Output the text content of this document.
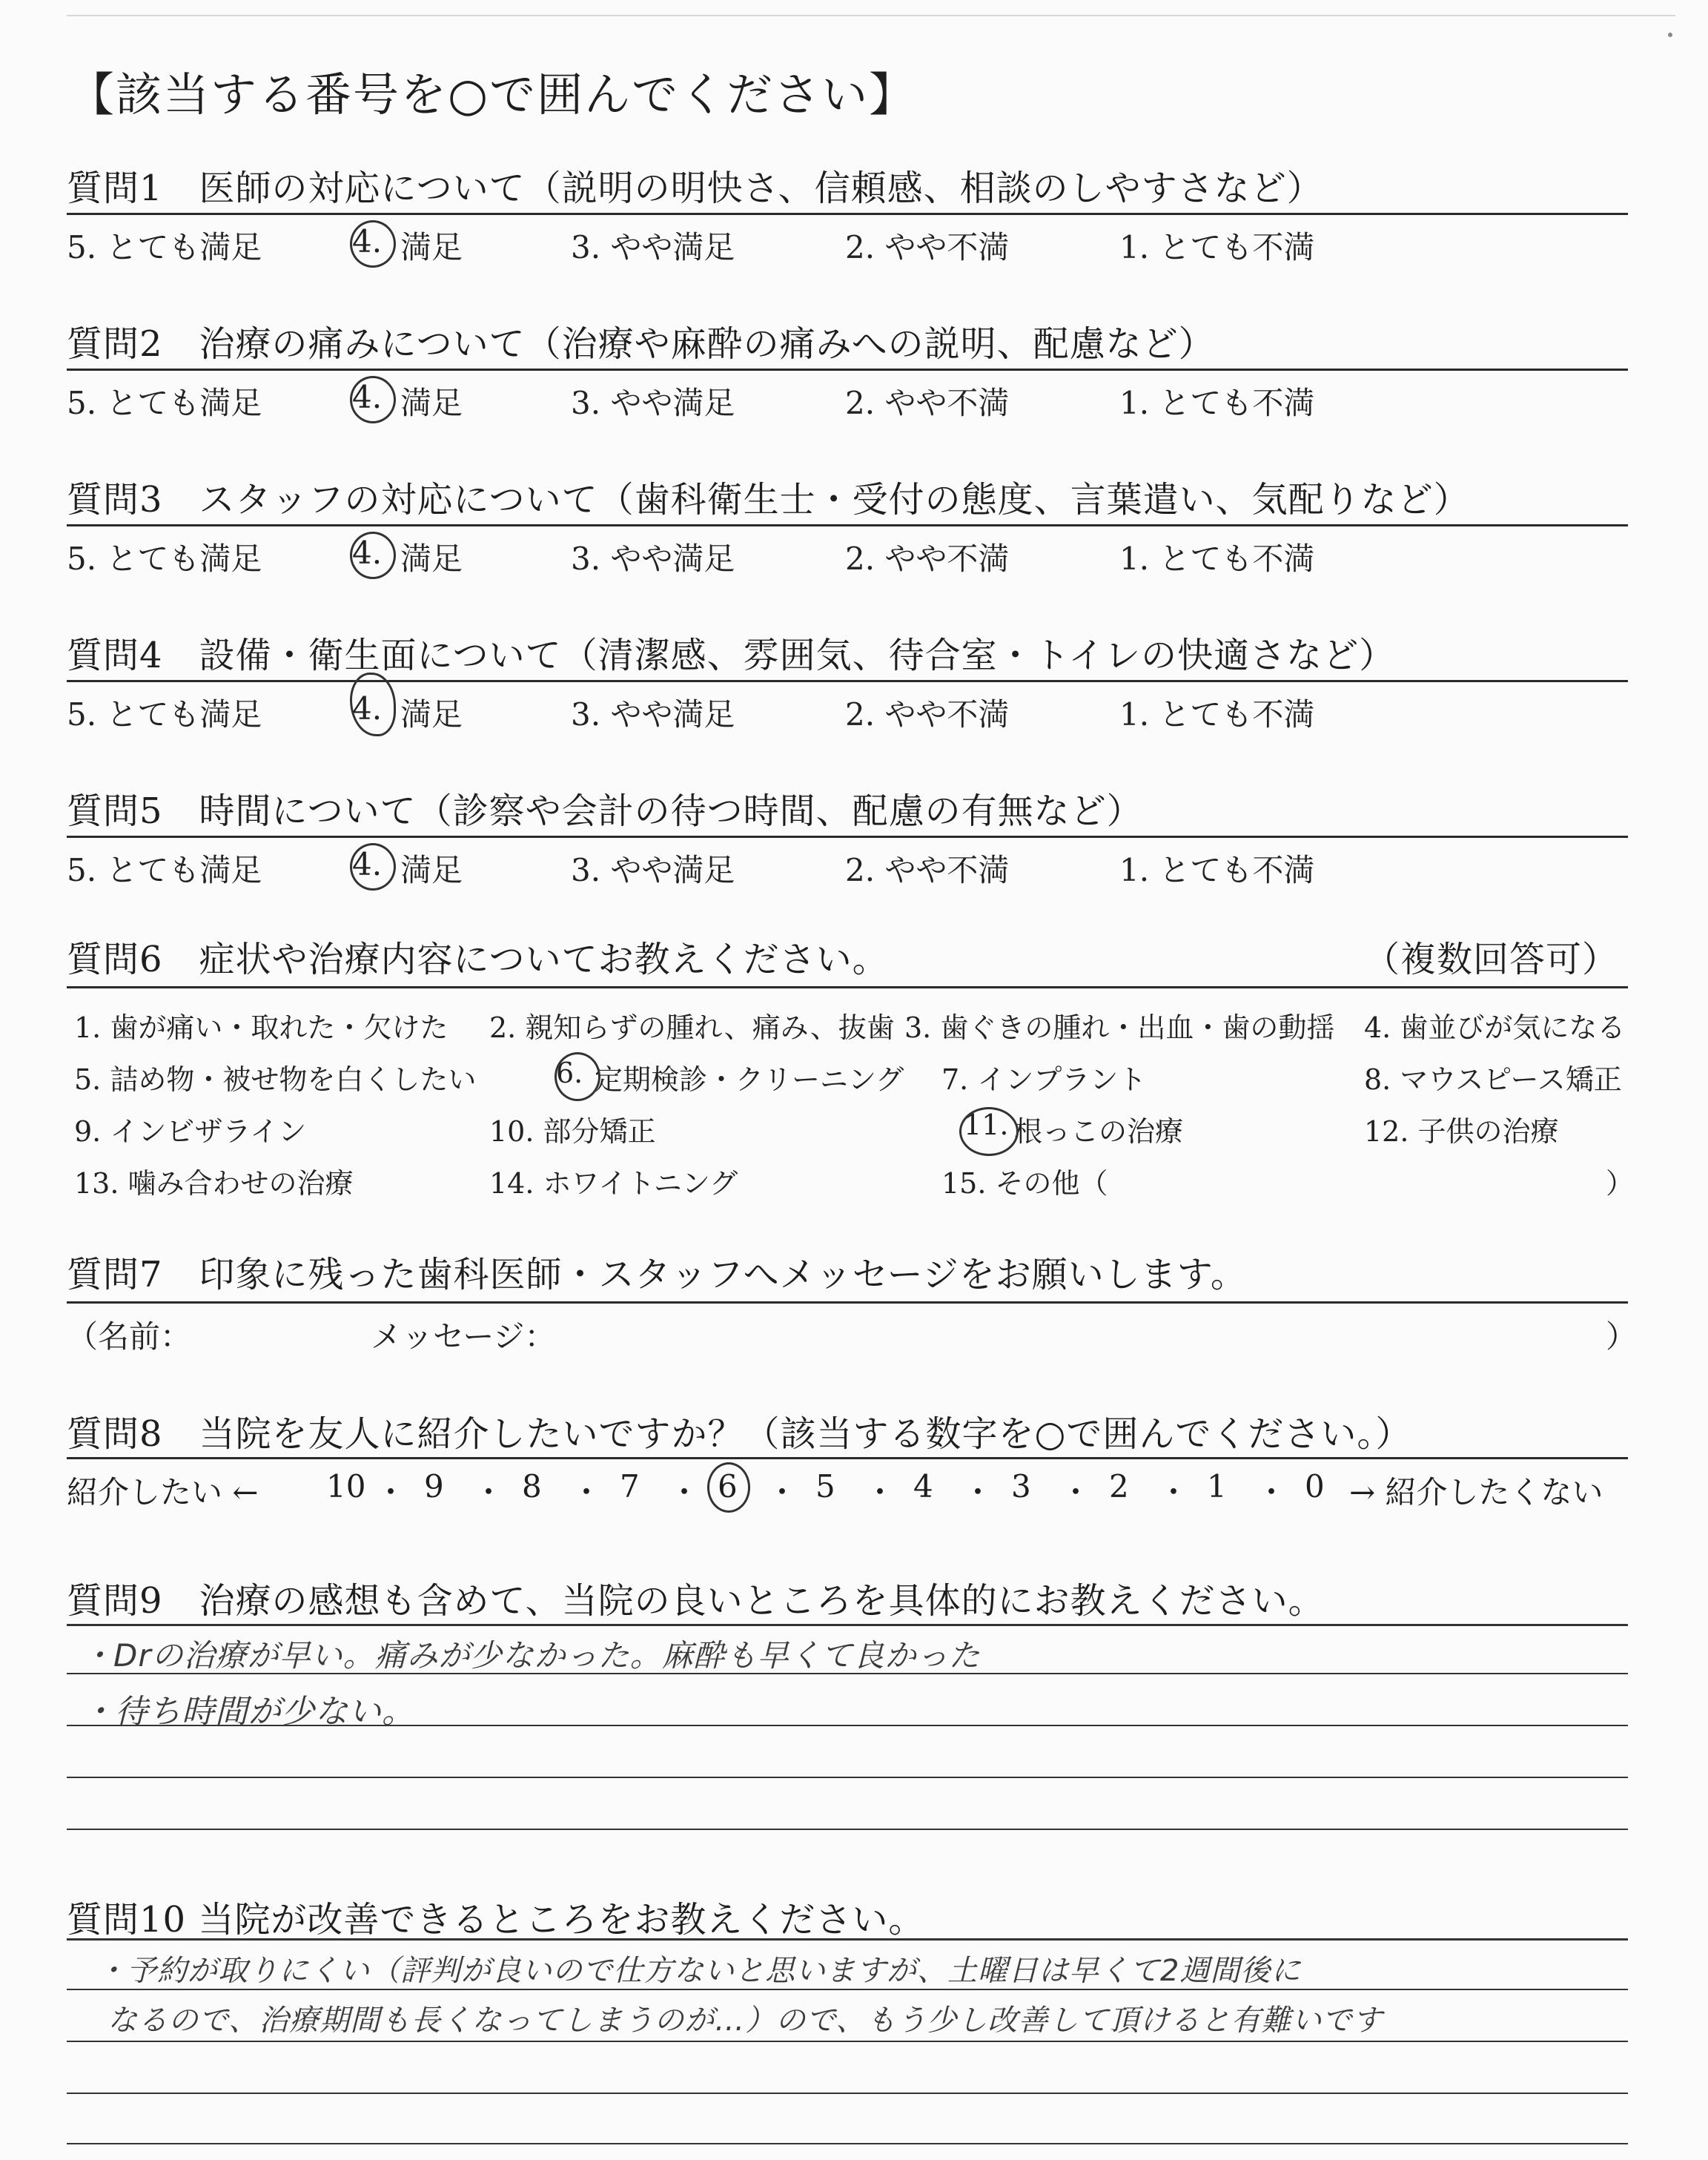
【該当する番号を○で囲んでください】
質問1　医師の対応について（説明の明快さ、信頼感、相談のしやすさなど）
5. とても満足	4. 満足	3. やや満足	2. やや不満	1. とても不満
質問2　治療の痛みについて（治療や麻酔の痛みへの説明、配慮など）
5. とても満足	4. 満足	3. やや満足	2. やや不満	1. とても不満
質問3　スタッフの対応について（歯科衛生士・受付の態度、言葉遣い、気配りなど）
5. とても満足	4. 満足	3. やや満足	2. やや不満	1. とても不満
質問4　設備・衛生面について（清潔感、雰囲気、待合室・トイレの快適さなど）
5. とても満足	4. 満足	3. やや満足	2. やや不満	1. とても不満
質問5　時間について（診察や会計の待つ時間、配慮の有無など）
5. とても満足	4. 満足	3. やや満足	2. やや不満	1. とても不満
質問6　症状や治療内容についてお教えください。	（複数回答可）
1. 歯が痛い・取れた・欠けた 2. 親知らずの腫れ、痛み、抜歯 3. 歯ぐきの腫れ・出血・歯の動揺 4. 歯並びが気になる
5. 詰め物・被せ物を白くしたい	6. 定期検診・クリーニング 7. インプラント	8. マウスピース矯正
9. インビザライン	10. 部分矯正	11. 根っこの治療	12. 子供の治療
13. 噛み合わせの治療	14. ホワイトニング	15. その他（	）
質問7　印象に残った歯科医師・スタッフへメッセージをお願いします。
（名前：	メッセージ：	）
質問8　当院を友人に紹介したいですか？（該当する数字を○で囲んでください。）
紹介したい ← 10 ・ 9 ・ 8 ・ 7 ・ 6 ・ 5 ・ 4 ・ 3 ・ 2 ・ 1 ・ 0 → 紹介したくない
質問9　治療の感想も含めて、当院の良いところを具体的にお教えください。
・Drの治療が早い。痛みが少なかった。麻酔も早くて良かった
・待ち時間が少ない。
質問10 当院が改善できるところをお教えください。
・予約が取りにくい（評判が良いので仕方ないと思いますが、土曜日は早くて2週間後に
なるので、治療期間も長くなってしまうのが…）ので、もう少し改善して頂けると有難いです
